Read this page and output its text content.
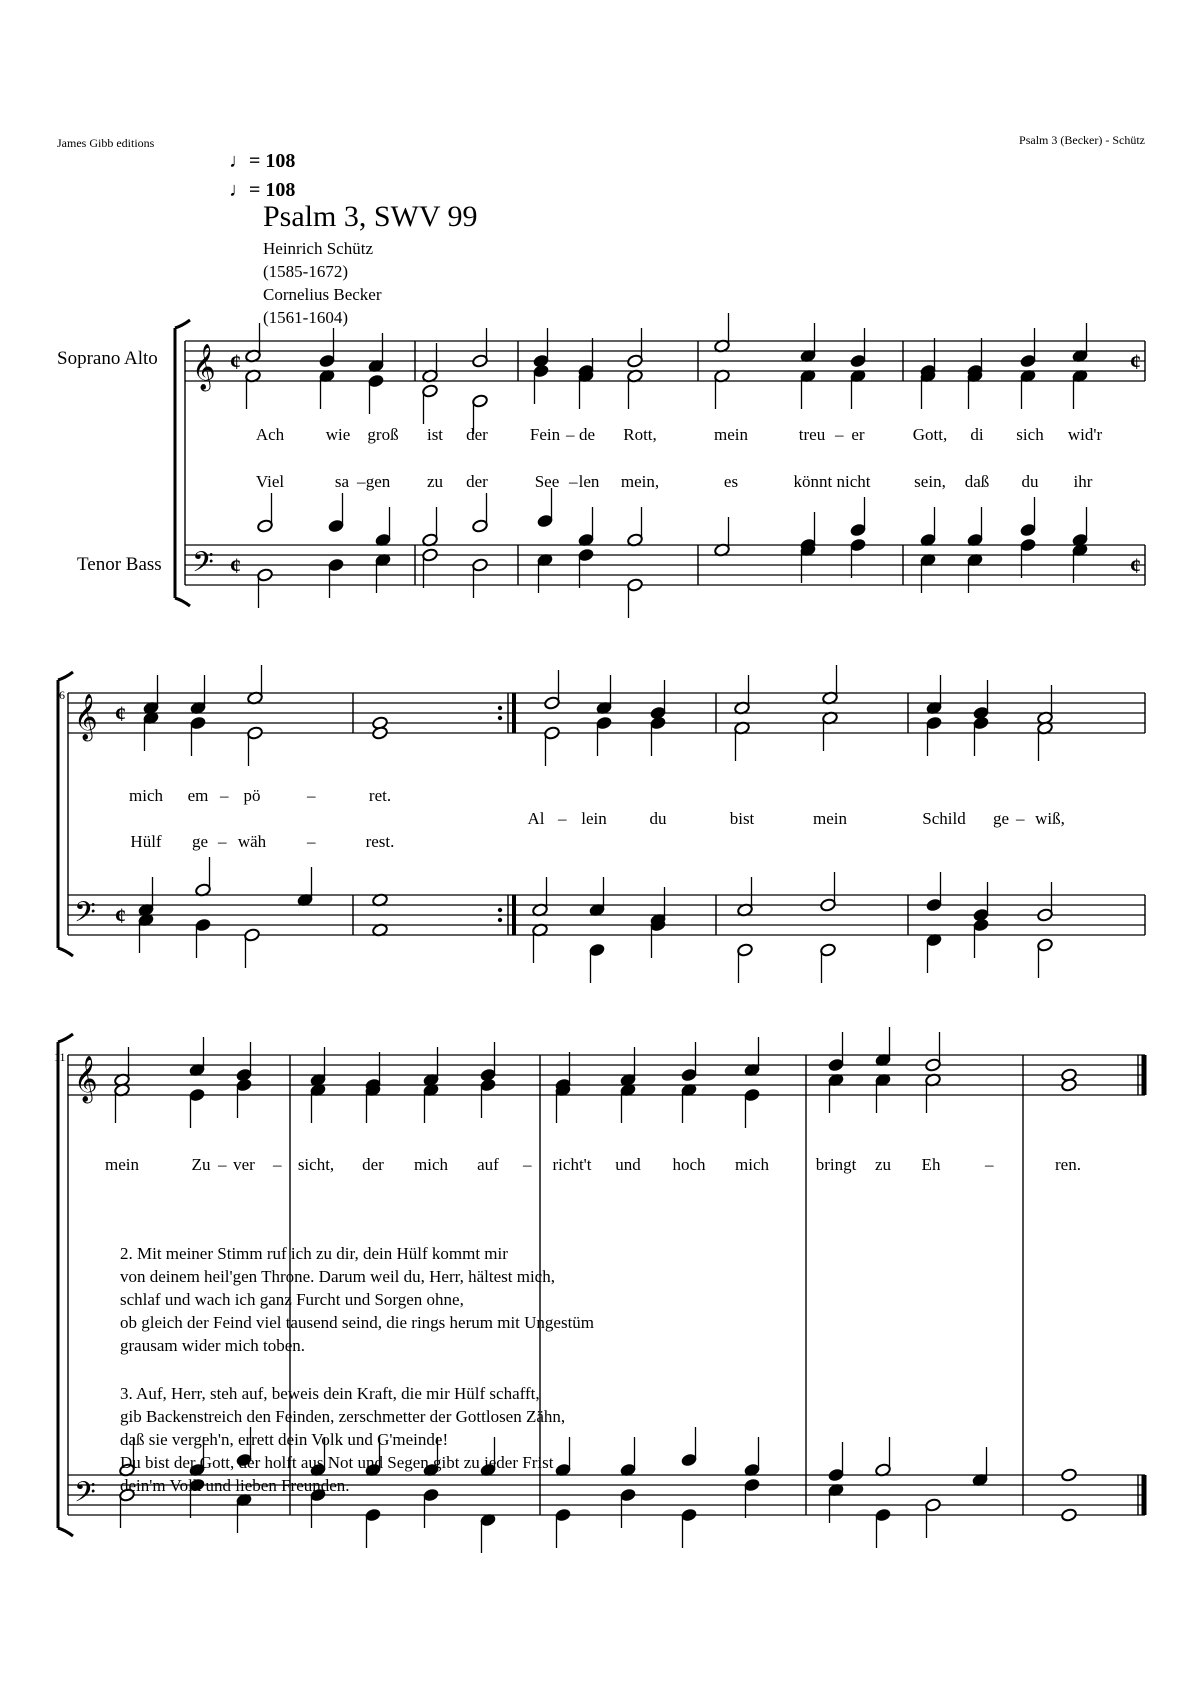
James Gibb editions	Psalm 3 (Becker) - Schütz
♩= 108
♩= 108
Psalm 3, SWV 99
Heinrich Schütz
(1585-1672)
Cornelius Becker
(1561-1604)
Soprano Alto
Tenor Bass
6
11
𝄞
𝄢
𝄞
𝄢
𝄞
𝄢
¢
¢
¢
¢
¢
¢
Ach wie groß ist der Fein – de Rott,	mein	treu – er	Gott, di sich wid'r
Viel	sa – gen zu der	See – len mein,	es	könnt nicht	sein, daß du ihr
mich em – pö	–	ret.
Hülf ge – wäh –	rest.
Al – lein	du	bist	mein	Schild ge – wiß,
mein	Zu – ver – sicht, der mich auf – richt't und hoch mich	bringt zu Eh	–	ren.

2. Mit meiner Stimm ruf ich zu dir, dein Hülf kommt mir
von deinem heil'gen Throne. Darum weil du, Herr, hältest mich,
schlaf und wach ich ganz Furcht und Sorgen ohne,
ob gleich der Feind viel tausend seind, die rings herum mit Ungestüm
grausam wider mich toben.

3. Auf, Herr, steh auf, beweis dein Kraft, die mir Hülf schafft,
gib Backenstreich den Feinden, zerschmetter der Gottlosen Zähn,
daß sie vergeh'n, errett dein Volk und G'meinde!
Du bist der Gott, der holft aus Not und Segen gibt zu jeder Frist
dein'm Volk und lieben Freunden.
